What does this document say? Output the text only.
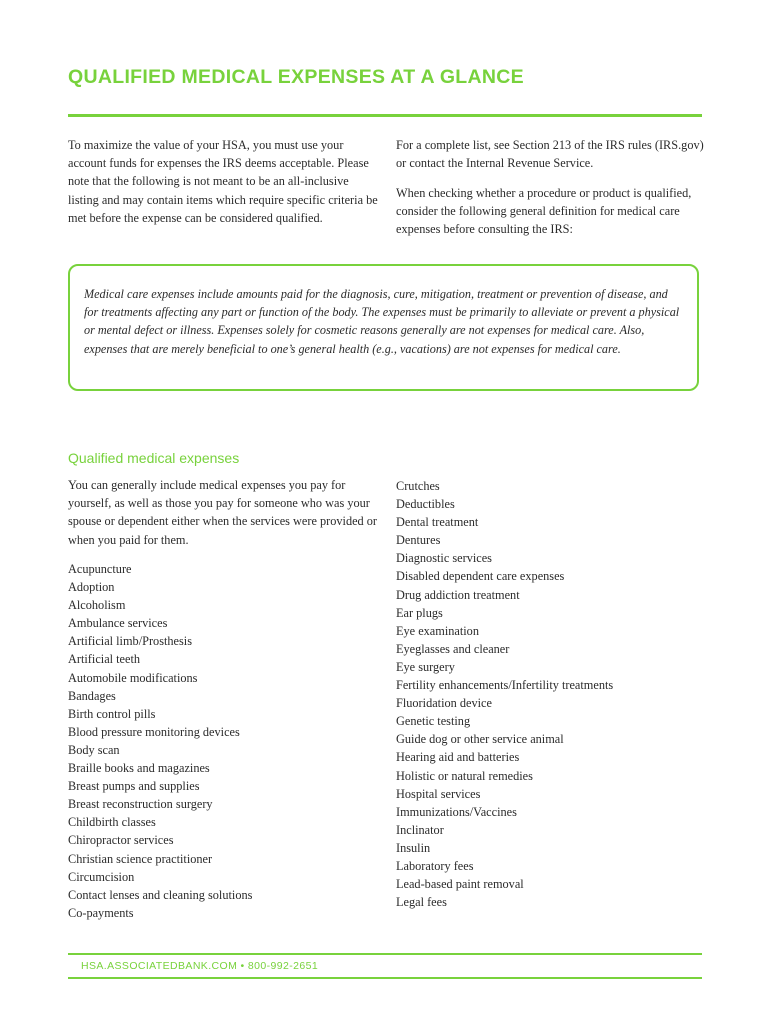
QUALIFIED MEDICAL EXPENSES AT A GLANCE

To maximize the value of your HSA, you must use your account funds for expenses the IRS deems acceptable. Please note that the following is not meant to be an all-inclusive listing and may contain items which require specific criteria be met before the expense can be considered qualified.

For a complete list, see Section 213 of the IRS rules (IRS.gov) or contact the Internal Revenue Service.

When checking whether a procedure or product is qualified, consider the following general definition for medical care expenses before consulting the IRS:

Medical care expenses include amounts paid for the diagnosis, cure, mitigation, treatment or prevention of disease, and for treatments affecting any part or function of the body. The expenses must be primarily to alleviate or prevent a physical or mental defect or illness. Expenses solely for cosmetic reasons generally are not expenses for medical care. Also, expenses that are merely beneficial to one’s general health (e.g., vacations) are not expenses for medical care.

Qualified medical expenses

You can generally include medical expenses you pay for yourself, as well as those you pay for someone who was your spouse or dependent either when the services were provided or when you paid for them.

Acupuncture
Adoption
Alcoholism
Ambulance services
Artificial limb/Prosthesis
Artificial teeth
Automobile modifications
Bandages
Birth control pills
Blood pressure monitoring devices
Body scan
Braille books and magazines
Breast pumps and supplies
Breast reconstruction surgery
Childbirth classes
Chiropractor services
Christian science practitioner
Circumcision
Contact lenses and cleaning solutions
Co-payments
Crutches
Deductibles
Dental treatment
Dentures
Diagnostic services
Disabled dependent care expenses
Drug addiction treatment
Ear plugs
Eye examination
Eyeglasses and cleaner
Eye surgery
Fertility enhancements/Infertility treatments
Fluoridation device
Genetic testing
Guide dog or other service animal
Hearing aid and batteries
Holistic or natural remedies
Hospital services
Immunizations/Vaccines
Inclinator
Insulin
Laboratory fees
Lead-based paint removal
Legal fees

HSA.ASSOCIATEDBANK.COM • 800-992-2651
